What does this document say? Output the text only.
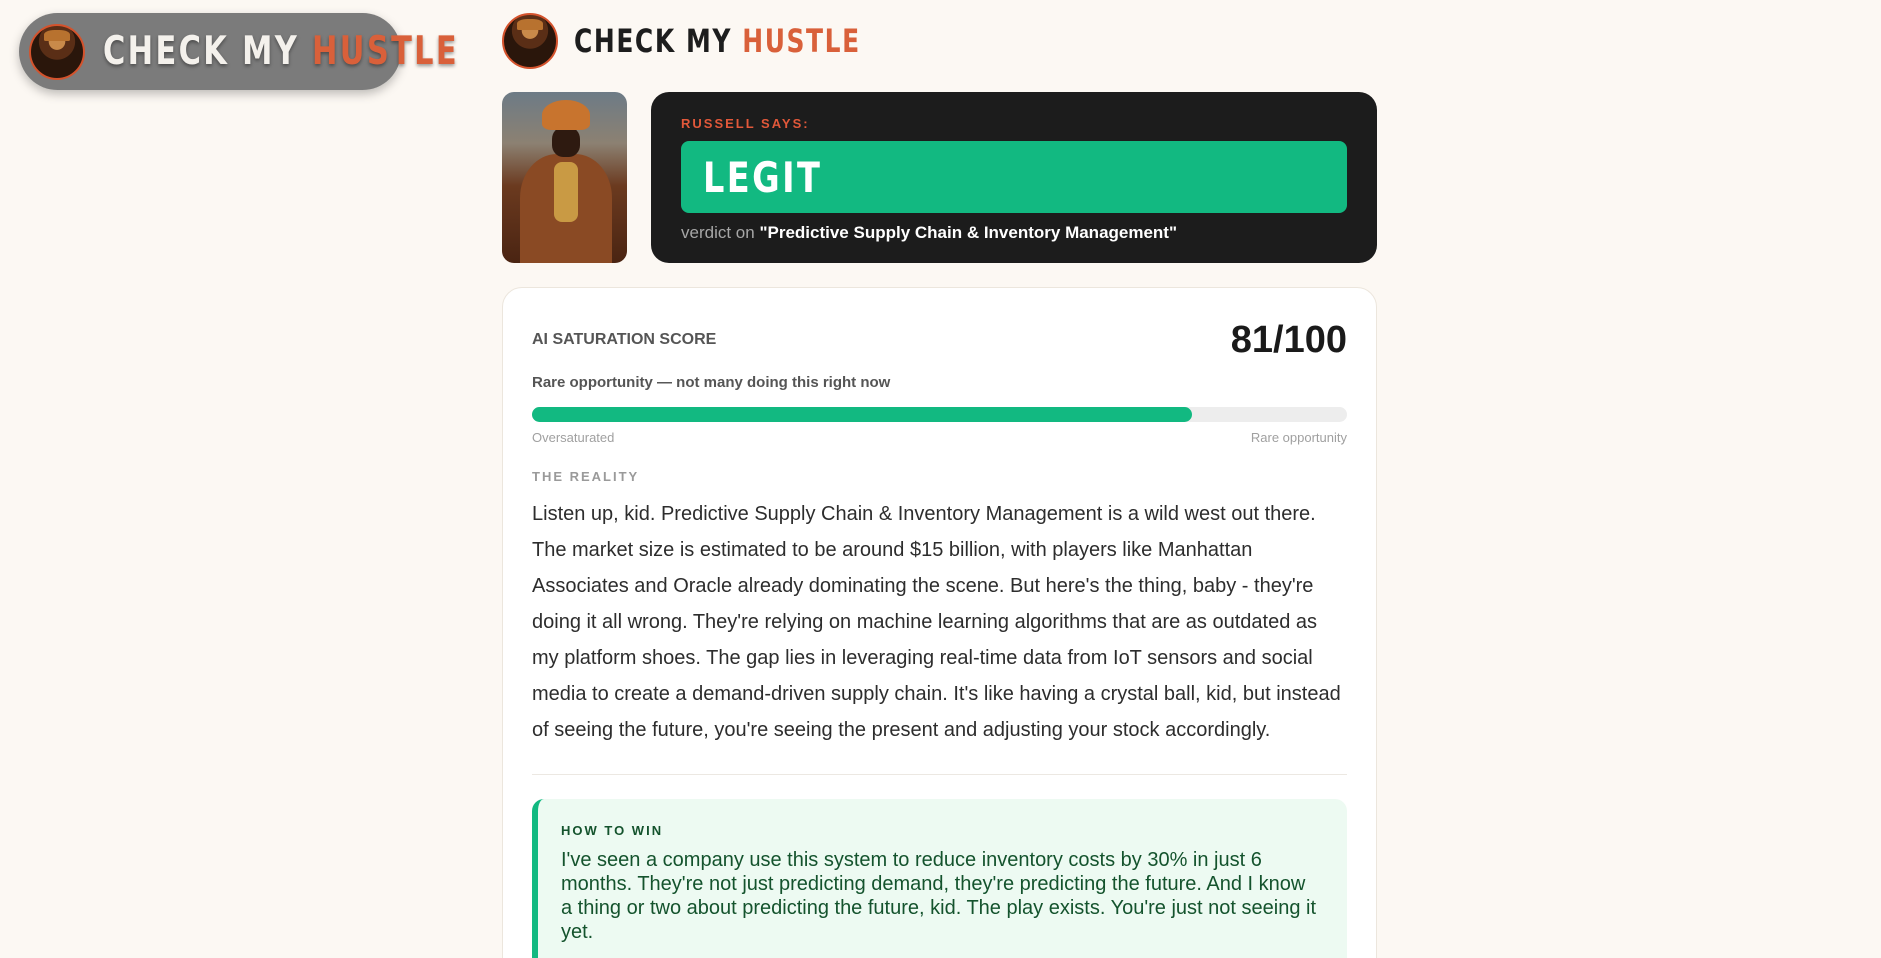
CHECK MY HUSTLE	CHECK MY HUSTLE
RUSSELL SAYS:
LEGIT
verdict on "Predictive Supply Chain & Inventory Management"
AI SATURATION SCORE	81/100
Rare opportunity — not many doing this right now
Oversaturated	Rare opportunity
THE REALITY

Listen up, kid. Predictive Supply Chain & Inventory Management is a wild west out there. The market size is estimated to be around $15 billion, with players like Manhattan Associates and Oracle already dominating the scene. But here's the thing, baby - they're doing it all wrong. They're relying on machine learning algorithms that are as outdated as my platform shoes. The gap lies in leveraging real-time data from IoT sensors and social media to create a demand-driven supply chain. It's like having a crystal ball, kid, but instead of seeing the future, you're seeing the present and adjusting your stock accordingly.

HOW TO WIN

I've seen a company use this system to reduce inventory costs by 30% in just 6 months. They're not just predicting demand, they're predicting the future. And I know a thing or two about predicting the future, kid. The play exists. You're just not seeing it yet.
